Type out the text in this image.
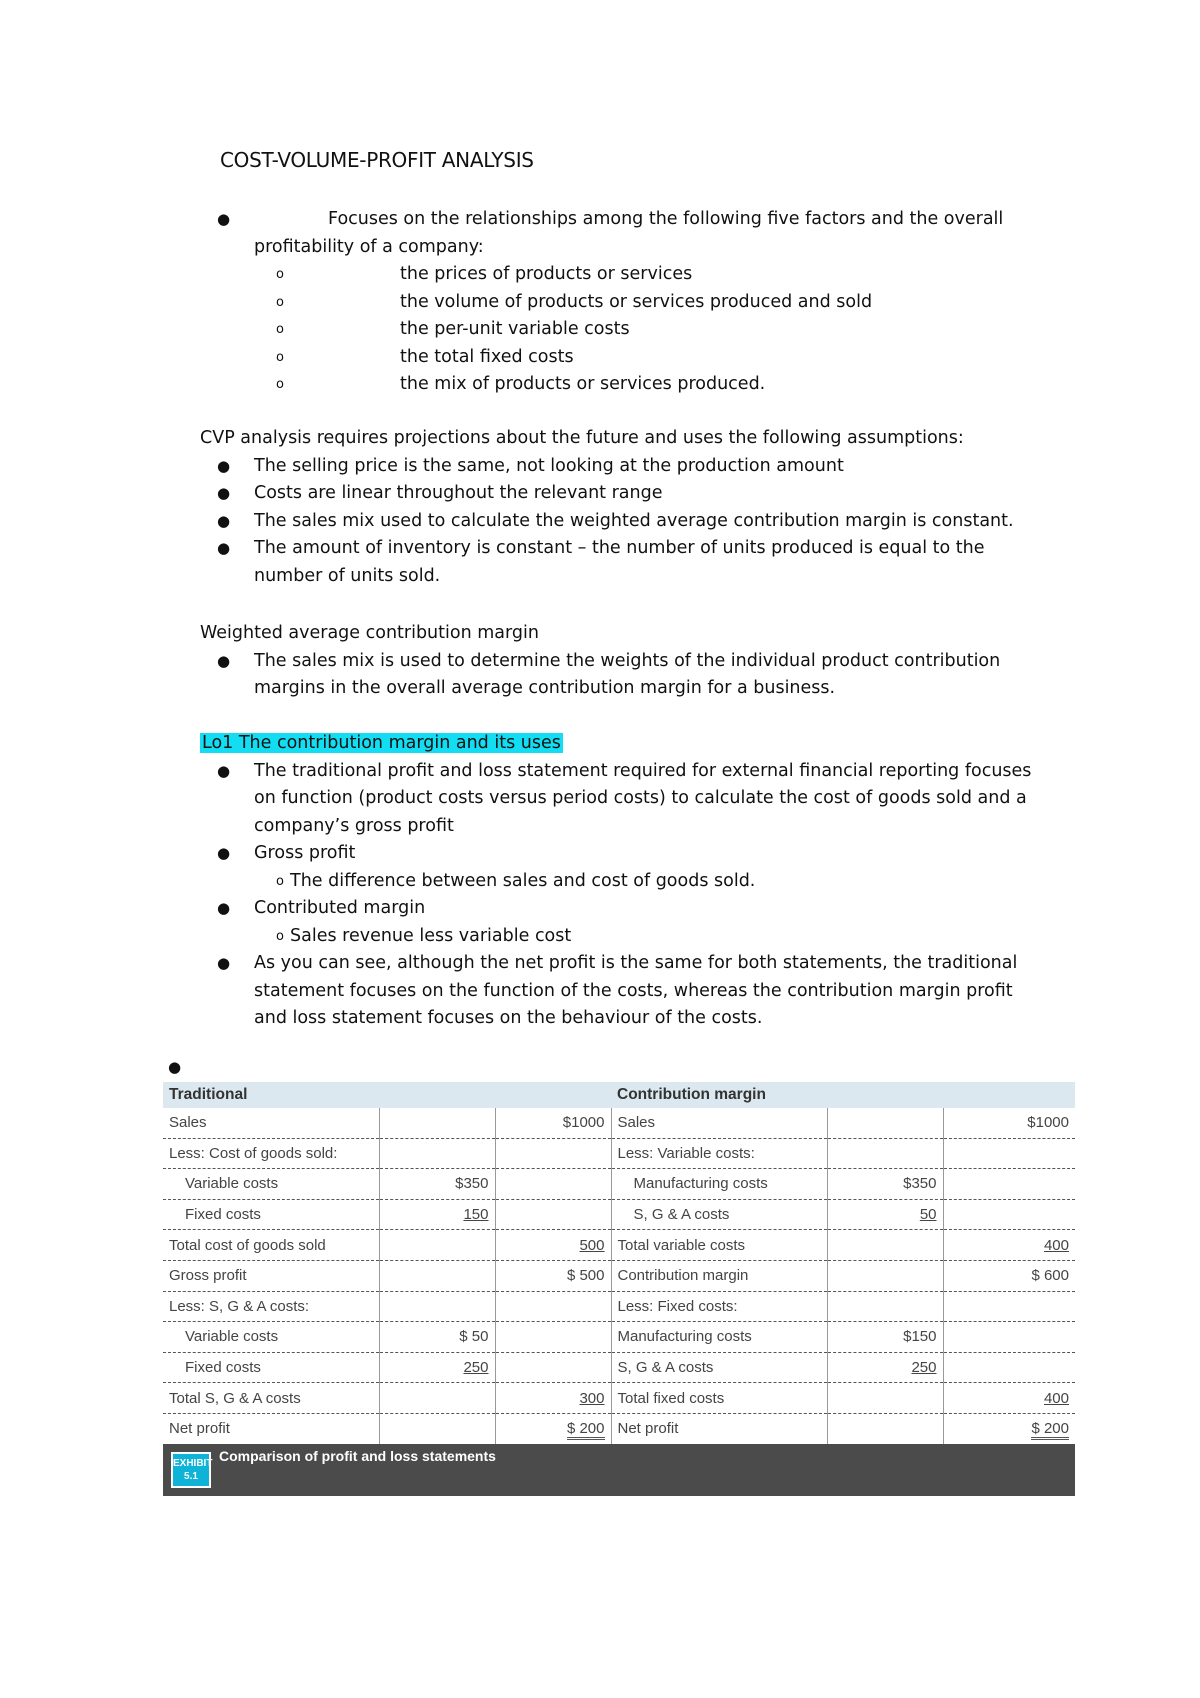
COST-VOLUME-PROFIT ANALYSIS
●	Focuses on the relationships among the following five factors and the overall
profitability of a company:
o	the prices of products or services
o	the volume of products or services produced and sold
o	the per-unit variable costs
o	the total fixed costs
o	the mix of products or services produced.
CVP analysis requires projections about the future and uses the following assumptions:
● The selling price is the same, not looking at the production amount
● Costs are linear throughout the relevant range
● The sales mix used to calculate the weighted average contribution margin is constant.
● The amount of inventory is constant – the number of units produced is equal to the
number of units sold.
Weighted average contribution margin
● The sales mix is used to determine the weights of the individual product contribution
margins in the overall average contribution margin for a business.
Lo1 The contribution margin and its uses
● The traditional profit and loss statement required for external financial reporting focuses
on function (product costs versus period costs) to calculate the cost of goods sold and a
company’s gross profit
● Gross profit
o The difference between sales and cost of goods sold.
● Contributed margin
o Sales revenue less variable cost
● As you can see, although the net profit is the same for both statements, the traditional
statement focuses on the function of the costs, whereas the contribution margin profit
and loss statement focuses on the behaviour of the costs.
●
Traditional			Contribution margin		
Sales		$1000	Sales		$1000
Less: Cost of goods sold:			Less: Variable costs:		
Variable costs	$350		Manufacturing costs	$350	
Fixed costs	150		S, G & A costs	50	
Total cost of goods sold		500	Total variable costs		400
Gross profit		$ 500	Contribution margin		$ 600
Less: S, G & A costs:			Less: Fixed costs:		
Variable costs	$ 50		Manufacturing costs	$150	
Fixed costs	250		S, G & A costs	250	
Total S, G & A costs		300	Total fixed costs		400
Net profit		$ 200	Net profit		$ 200
EXHIBIT 5.1
Comparison of profit and loss statements
